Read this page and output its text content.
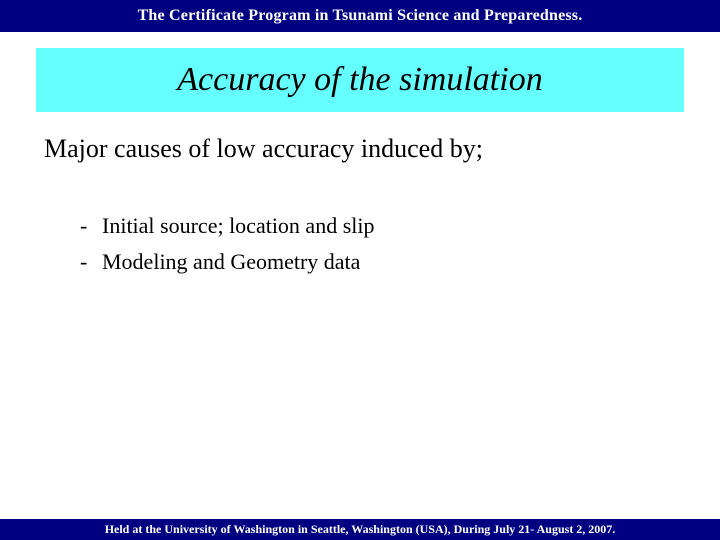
The Certificate Program in Tsunami Science and Preparedness.
Accuracy of the simulation
Major causes of low accuracy induced by;
- Initial source; location and slip
- Modeling and Geometry data
Held at the University of Washington in Seattle, Washington (USA), During July 21- August 2, 2007.
